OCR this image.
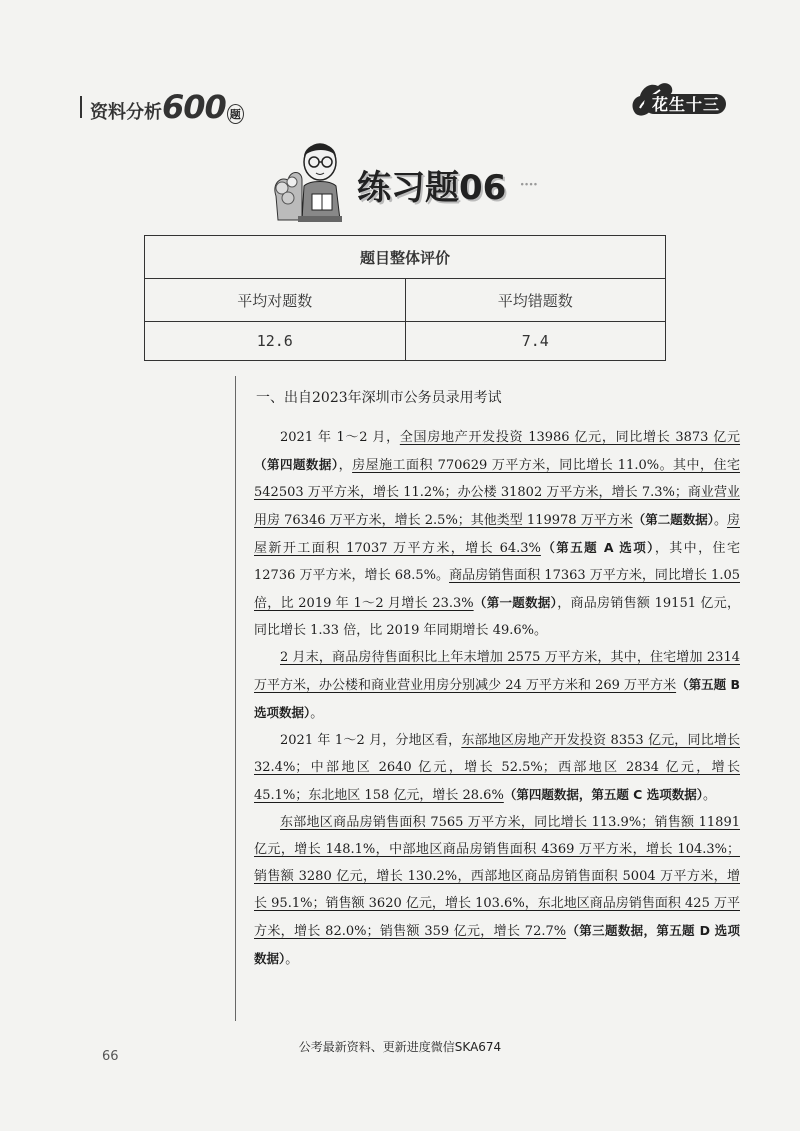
资料分析 600 题
花生十三
练习题06 ∙∙∙∙
题目整体评价	
平均对题数	平均错题数
12.6	7.4
一、出自2023年深圳市公务员录用考试

2021 年 1～2 月，全国房地产开发投资 13986 亿元，同比增长 3873 亿元（第四题数据），房屋施工面积 770629 万平方米，同比增长 11.0%。其中，住宅 542503 万平方米，增长 11.2%；办公楼 31802 万平方米，增长 7.3%；商业营业用房 76346 万平方米，增长 2.5%；其他类型 119978 万平方米（第二题数据）。房屋新开工面积 17037 万平方米，增长 64.3%（第五题 A 选项），其中，住宅 12736 万平方米，增长 68.5%。商品房销售面积 17363 万平方米，同比增长 1.05 倍，比 2019 年 1～2 月增长 23.3%（第一题数据），商品房销售额 19151 亿元，同比增长 1.33 倍，比 2019 年同期增长 49.6%。

2 月末，商品房待售面积比上年末增加 2575 万平方米，其中，住宅增加 2314 万平方米，办公楼和商业营业用房分别减少 24 万平方米和 269 万平方米（第五题 B 选项数据）。

2021 年 1～2 月，分地区看，东部地区房地产开发投资 8353 亿元，同比增长 32.4%；中部地区 2640 亿元，增长 52.5%；西部地区 2834 亿元，增长 45.1%；东北地区 158 亿元，增长 28.6%（第四题数据，第五题 C 选项数据）。

东部地区商品房销售面积 7565 万平方米，同比增长 113.9%；销售额 11891 亿元，增长 148.1%，中部地区商品房销售面积 4369 万平方米，增长 104.3%；销售额 3280 亿元，增长 130.2%，西部地区商品房销售面积 5004 万平方米，增长 95.1%；销售额 3620 亿元，增长 103.6%，东北地区商品房销售面积 425 万平方米，增长 82.0%；销售额 359 亿元，增长 72.7%（第三题数据，第五题 D 选项数据）。

66
公考最新资料、更新进度微信SKA674
